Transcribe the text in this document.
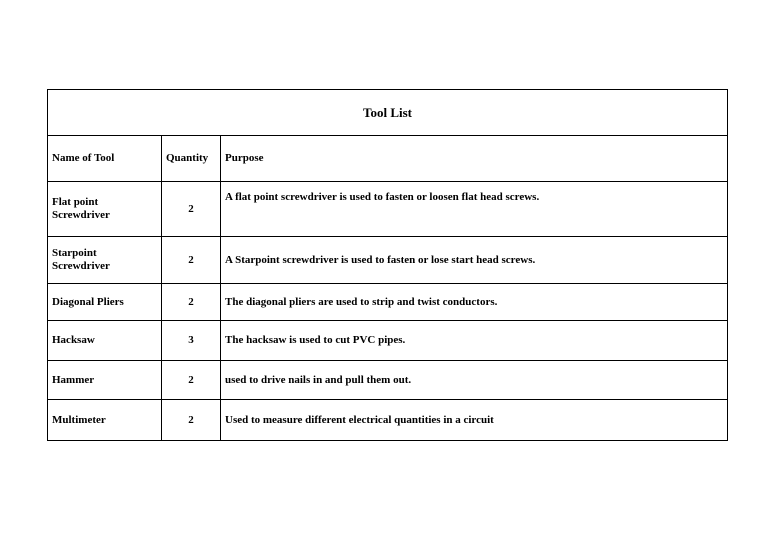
Tool List		
Name of Tool	Quantity	Purpose
Flat point Screwdriver	2	A flat point screwdriver is used to fasten or loosen flat head screws.
Starpoint Screwdriver	2	A Starpoint screwdriver is used to fasten or lose start head screws.
Diagonal Pliers	2	The diagonal pliers are used to strip and twist conductors.
Hacksaw	3	The hacksaw is used to cut PVC pipes.
Hammer	2	used to drive nails in and pull them out.
Multimeter	2	Used to measure different electrical quantities in a circuit
